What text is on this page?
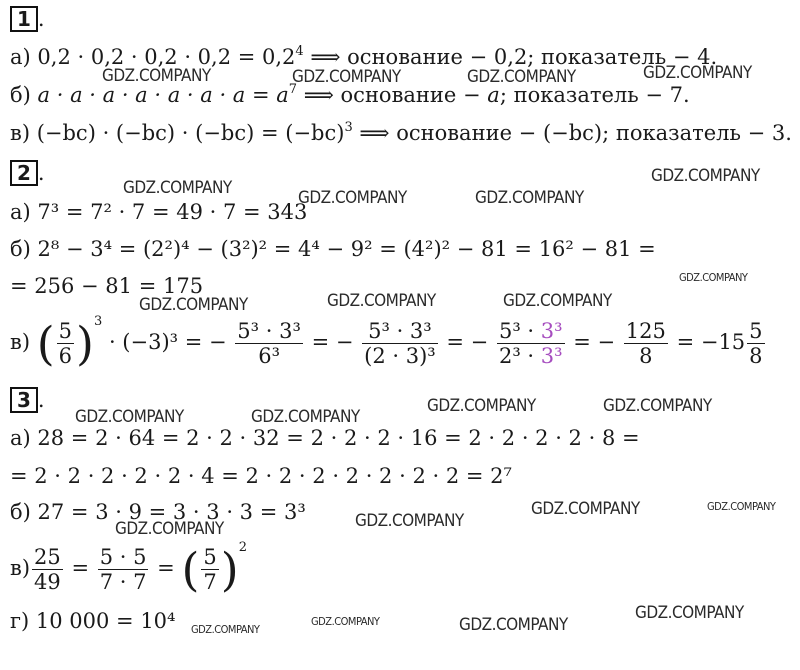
1 .
а) $0,2 \cdot 0,2 \cdot 0,2 \cdot 0,2 = 0,2^4$ ⟹ основание − 0,2; показатель − 4.
б) $a \cdot a \cdot a \cdot a \cdot a \cdot a \cdot a = a^7$ ⟹ основание − a; показатель − 7.
в) $(-bc) \cdot (-bc) \cdot (-bc) = (-bc)^3$ ⟹ основание − (−bc); показатель − 3.
2 .
а) 7³ = 7² · 7 = 49 · 7 = 343
б) 2⁸ − 3⁴ = (2²)⁴ − (3²)² = 4⁴ − 9² = (4²)² − 81 = 16² − 81 =
= 256 − 81 = 175
в) ( $\frac{5}{6} )^3 \cdot (-3)^3$ = − $\frac{\text{5³ · 3³}}{\text{6³}}$ = − $\frac{\text{5³ · 3³}}{\text{(2 · 3)³}}$ = − $\frac{\text{5³ · 3³}}{\text{2³ · 3³}}$ = − $\frac{125}{8} = -15 \frac{5}{8}$
3 .
а) 28 = 2 · 64 = 2 · 2 · 32 = 2 · 2 · 2 · 16 = 2 · 2 · 2 · 2 · 8 =
= 2 · 2 · 2 · 2 · 2 · 4 = 2 · 2 · 2 · 2 · 2 · 2 · 2 = 2⁷
б) 27 = 3 · 9 = 3 · 3 · 3 = 3³
$в) \frac{25}{49} = \frac{5 \cdot 5}{7 \cdot 7}$ = ( $\frac{5}{7} )^2$
г) 10 000 = 10⁴
GDZ.COMPANY	GDZ.COMPANY	GDZ.COMPANY	GDZ.COMPANY
GDZ.COMPANY
GDZ.COMPANY	GDZ.COMPANY	GDZ.COMPANY
GDZ.COMPANY
GDZ.COMPANY	GDZ.COMPANY	GDZ.COMPANY
GDZ.COMPANY	GDZ.COMPANY
GDZ.COMPANY	GDZ.COMPANY
GDZ.COMPANY	GDZ.COMPANY
GDZ.COMPANY
GDZ.COMPANY
GDZ.COMPANY
GDZ.COMPANY	GDZ.COMPANY
GDZ.COMPANY
